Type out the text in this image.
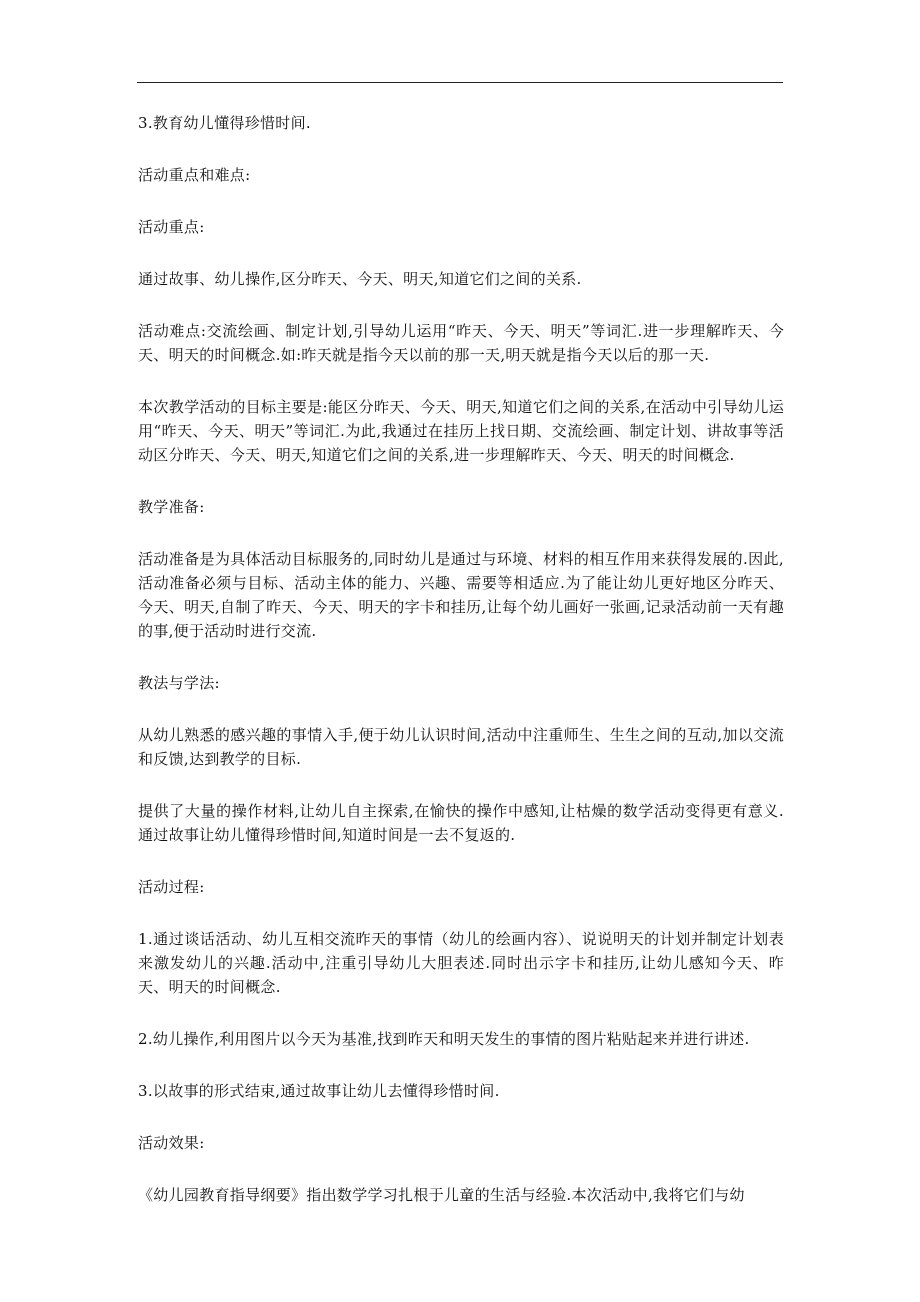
3.教育幼儿懂得珍惜时间.

活动重点和难点:

活动重点:

通过故事、幼儿操作,区分昨天、今天、明天,知道它们之间的关系.

活动难点:交流绘画、制定计划,引导幼儿运用“昨天、今天、明天”等词汇.进一步理解昨天、今天、明天的时间概念.如:昨天就是指今天以前的那一天,明天就是指今天以后的那一天.

本次教学活动的目标主要是:能区分昨天、今天、明天,知道它们之间的关系,在活动中引导幼儿运用“昨天、今天、明天”等词汇.为此,我通过在挂历上找日期、交流绘画、制定计划、讲故事等活动区分昨天、今天、明天,知道它们之间的关系,进一步理解昨天、今天、明天的时间概念.

教学准备:

活动准备是为具体活动目标服务的,同时幼儿是通过与环境、材料的相互作用来获得发展的.因此,活动准备必须与目标、活动主体的能力、兴趣、需要等相适应.为了能让幼儿更好地区分昨天、今天、明天,自制了昨天、今天、明天的字卡和挂历,让每个幼儿画好一张画,记录活动前一天有趣的事,便于活动时进行交流.

教法与学法:

从幼儿熟悉的感兴趣的事情入手,便于幼儿认识时间,活动中注重师生、生生之间的互动,加以交流和反馈,达到教学的目标.

提供了大量的操作材料,让幼儿自主探索,在愉快的操作中感知,让枯燥的数学活动变得更有意义.通过故事让幼儿懂得珍惜时间,知道时间是一去不复返的.

活动过程:

1.通过谈话活动、幼儿互相交流昨天的事情（幼儿的绘画内容）、说说明天的计划并制定计划表来激发幼儿的兴趣.活动中,注重引导幼儿大胆表述.同时出示字卡和挂历,让幼儿感知今天、昨天、明天的时间概念.

2.幼儿操作,利用图片以今天为基准,找到昨天和明天发生的事情的图片粘贴起来并进行讲述.

3.以故事的形式结束,通过故事让幼儿去懂得珍惜时间.

活动效果:

《幼儿园教育指导纲要》指出数学学习扎根于儿童的生活与经验.本次活动中,我将它们与幼
